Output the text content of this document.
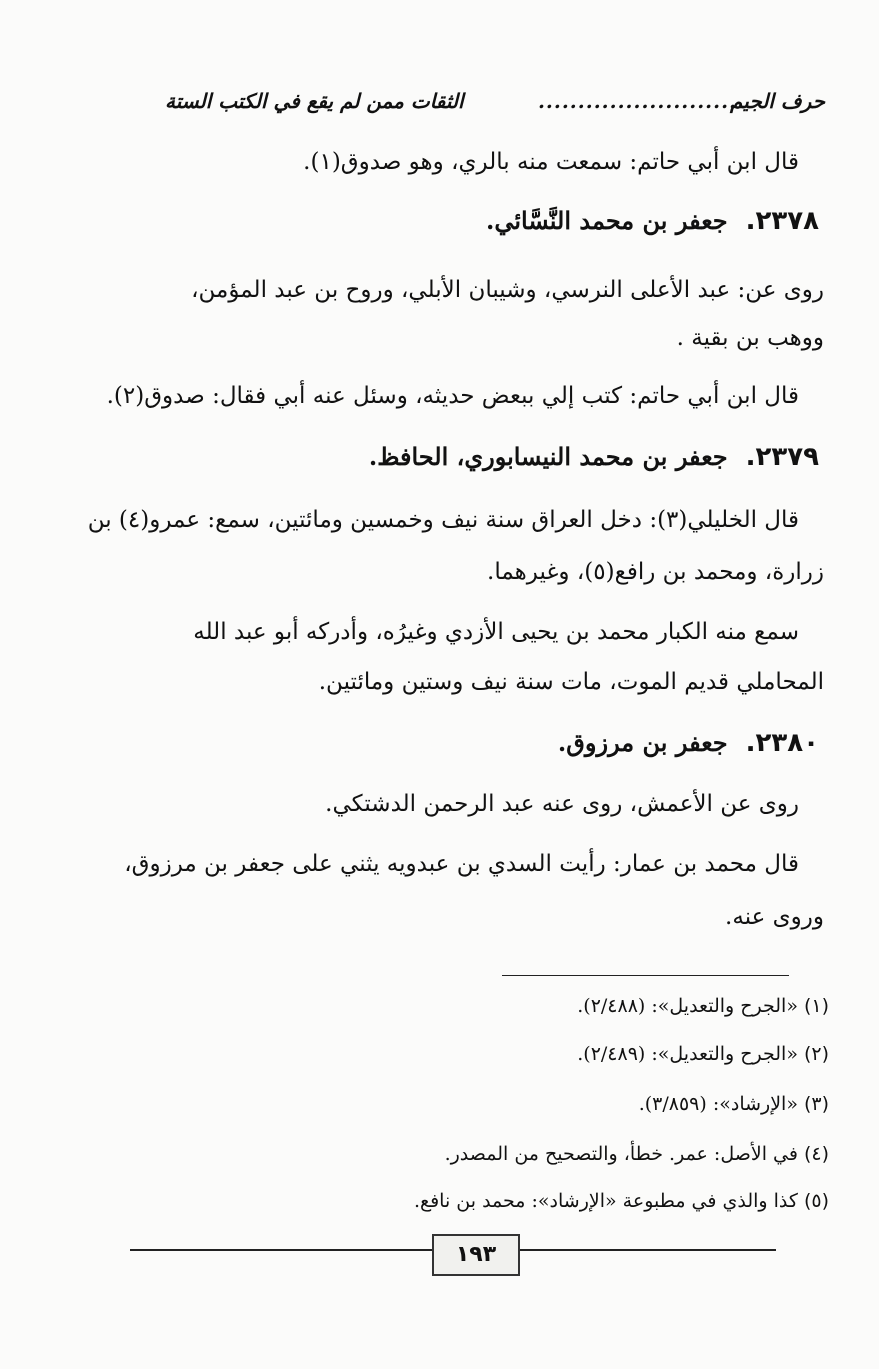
حرف الجيم
..........................
الثقات ممن لم يقع في الكتب الستة
قال ابن أبي حاتم: سمعت منه بالري، وهو صدوق(١).
٢٣٧٨.جعفر بن محمد النَّسَّائي.
روى عن: عبد الأعلى النرسي، وشيبان الأبلي، وروح بن عبد المؤمن،
ووهب بن بقية .
قال ابن أبي حاتم: كتب إلي ببعض حديثه، وسئل عنه أبي فقال: صدوق(٢).
٢٣٧٩.جعفر بن محمد النيسابوري، الحافظ.
قال الخليلي(٣): دخل العراق سنة نيف وخمسين ومائتين، سمع: عمرو(٤) بن
زرارة، ومحمد بن رافع(٥)، وغيرهما.
سمع منه الكبار محمد بن يحيى الأزدي وغيرُه، وأدركه أبو عبد الله
المحاملي قديم الموت، مات سنة نيف وستين ومائتين.
٢٣٨٠.جعفر بن مرزوق.
روى عن الأعمش، روى عنه عبد الرحمن الدشتكي.
قال محمد بن عمار: رأيت السدي بن عبدويه يثني على جعفر بن مرزوق،
وروى عنه.
(١)«الجرح والتعديل»: (٢/٤٨٨).
(٢)«الجرح والتعديل»: (٢/٤٨٩).
(٣)«الإرشاد»: (٣/٨٥٩).
(٤)في الأصل: عمر. خطأ، والتصحيح من المصدر.
(٥)كذا والذي في مطبوعة «الإرشاد»: محمد بن نافع.
١٩٣
